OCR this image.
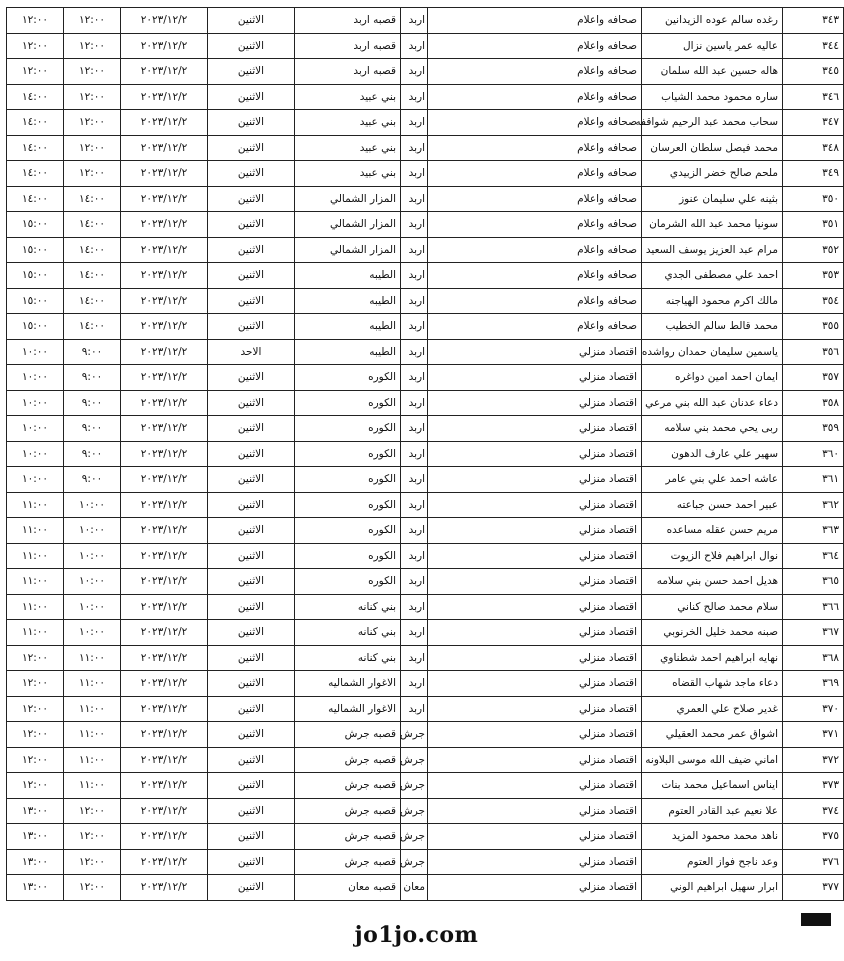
٣٤٣	رغده سالم عوده الزيدانين	صحافه واعلام	اربد	قصبه اربد	الاثنين	٢٠٢٣/١٢/٢	١٢:٠٠	١٢:٠٠
٣٤٤	عاليه عمر ياسين نزال	صحافه واعلام	اربد	قصبه اربد	الاثنين	٢٠٢٣/١٢/٢	١٢:٠٠	١٢:٠٠
٣٤٥	هاله حسين عبد الله سلمان	صحافه واعلام	اربد	قصبه اربد	الاثنين	٢٠٢٣/١٢/٢	١٢:٠٠	١٢:٠٠
٣٤٦	ساره محمود محمد الشياب	صحافه واعلام	اربد	بني عبيد	الاثنين	٢٠٢٣/١٢/٢	١٢:٠٠	١٤:٠٠
٣٤٧	سحاب محمد عبد الرحيم شواقفه	صحافه واعلام	اربد	بني عبيد	الاثنين	٢٠٢٣/١٢/٢	١٢:٠٠	١٤:٠٠
٣٤٨	محمد فيصل سلطان العرسان	صحافه واعلام	اربد	بني عبيد	الاثنين	٢٠٢٣/١٢/٢	١٢:٠٠	١٤:٠٠
٣٤٩	ملحم صالح خضر الزبيدي	صحافه واعلام	اربد	بني عبيد	الاثنين	٢٠٢٣/١٢/٢	١٢:٠٠	١٤:٠٠
٣٥٠	بثينه علي سليمان عنوز	صحافه واعلام	اربد	المزار الشمالي	الاثنين	٢٠٢٣/١٢/٢	١٤:٠٠	١٤:٠٠
٣٥١	سونيا محمد عبد الله الشرمان	صحافه واعلام	اربد	المزار الشمالي	الاثنين	٢٠٢٣/١٢/٢	١٤:٠٠	١٥:٠٠
٣٥٢	مرام عبد العزيز يوسف السعيد	صحافه واعلام	اربد	المزار الشمالي	الاثنين	٢٠٢٣/١٢/٢	١٤:٠٠	١٥:٠٠
٣٥٣	احمد علي مصطفى الجدي	صحافه واعلام	اربد	الطيبه	الاثنين	٢٠٢٣/١٢/٢	١٤:٠٠	١٥:٠٠
٣٥٤	مالك اكرم محمود الهياجنه	صحافه واعلام	اربد	الطيبه	الاثنين	٢٠٢٣/١٢/٢	١٤:٠٠	١٥:٠٠
٣٥٥	محمد قالط سالم الخطيب	صحافه واعلام	اربد	الطيبه	الاثنين	٢٠٢٣/١٢/٢	١٤:٠٠	١٥:٠٠
٣٥٦	ياسمين سليمان حمدان رواشده	اقتصاد منزلي	اربد	الطيبه	الاحد	٢٠٢٣/١٢/٢	٩:٠٠	١٠:٠٠
٣٥٧	ايمان احمد امين دواغره	اقتصاد منزلي	اربد	الكوره	الاثنين	٢٠٢٣/١٢/٢	٩:٠٠	١٠:٠٠
٣٥٨	دعاء عدنان عبد الله بني مرعي	اقتصاد منزلي	اربد	الكوره	الاثنين	٢٠٢٣/١٢/٢	٩:٠٠	١٠:٠٠
٣٥٩	ربى يحي محمد بني سلامه	اقتصاد منزلي	اربد	الكوره	الاثنين	٢٠٢٣/١٢/٢	٩:٠٠	١٠:٠٠
٣٦٠	سهير علي عارف الدهون	اقتصاد منزلي	اربد	الكوره	الاثنين	٢٠٢٣/١٢/٢	٩:٠٠	١٠:٠٠
٣٦١	عاشه احمد علي بني عامر	اقتصاد منزلي	اربد	الكوره	الاثنين	٢٠٢٣/١٢/٢	٩:٠٠	١٠:٠٠
٣٦٢	عبير احمد حسن جباعته	اقتصاد منزلي	اربد	الكوره	الاثنين	٢٠٢٣/١٢/٢	١٠:٠٠	١١:٠٠
٣٦٣	مريم حسن عقله مساعده	اقتصاد منزلي	اربد	الكوره	الاثنين	٢٠٢٣/١٢/٢	١٠:٠٠	١١:٠٠
٣٦٤	نوال ابراهيم فلاح الزيوت	اقتصاد منزلي	اربد	الكوره	الاثنين	٢٠٢٣/١٢/٢	١٠:٠٠	١١:٠٠
٣٦٥	هديل احمد حسن بني سلامه	اقتصاد منزلي	اربد	الكوره	الاثنين	٢٠٢٣/١٢/٢	١٠:٠٠	١١:٠٠
٣٦٦	سلام محمد صالح كناني	اقتصاد منزلي	اربد	بني كنانه	الاثنين	٢٠٢٣/١٢/٢	١٠:٠٠	١١:٠٠
٣٦٧	صبنه محمد خليل الخرنوبي	اقتصاد منزلي	اربد	بني كنانه	الاثنين	٢٠٢٣/١٢/٢	١٠:٠٠	١١:٠٠
٣٦٨	نهايه ابراهيم احمد شطناوي	اقتصاد منزلي	اربد	بني كنانه	الاثنين	٢٠٢٣/١٢/٢	١١:٠٠	١٢:٠٠
٣٦٩	دعاء ماجد شهاب القضاه	اقتصاد منزلي	اربد	الاغوار الشماليه	الاثنين	٢٠٢٣/١٢/٢	١١:٠٠	١٢:٠٠
٣٧٠	غدير صلاح علي العمري	اقتصاد منزلي	اربد	الاغوار الشماليه	الاثنين	٢٠٢٣/١٢/٢	١١:٠٠	١٢:٠٠
٣٧١	اشواق عمر محمد العقيلي	اقتصاد منزلي	جرش	قصبه جرش	الاثنين	٢٠٢٣/١٢/٢	١١:٠٠	١٢:٠٠
٣٧٢	اماني ضيف الله موسى البلاونه	اقتصاد منزلي	جرش	قصبه جرش	الاثنين	٢٠٢٣/١٢/٢	١١:٠٠	١٢:٠٠
٣٧٣	ايناس اسماعيل محمد بنات	اقتصاد منزلي	جرش	قصبه جرش	الاثنين	٢٠٢٣/١٢/٢	١١:٠٠	١٢:٠٠
٣٧٤	علا نعيم عبد القادر العتوم	اقتصاد منزلي	جرش	قصبه جرش	الاثنين	٢٠٢٣/١٢/٢	١٢:٠٠	١٣:٠٠
٣٧٥	ناهد محمد محمود المزيد	اقتصاد منزلي	جرش	قصبه جرش	الاثنين	٢٠٢٣/١٢/٢	١٢:٠٠	١٣:٠٠
٣٧٦	وعد ناجح فواز العتوم	اقتصاد منزلي	جرش	قصبه جرش	الاثنين	٢٠٢٣/١٢/٢	١٢:٠٠	١٣:٠٠
٣٧٧	ابرار سهيل ابراهيم الوني	اقتصاد منزلي	معان	قصبه معان	الاثنين	٢٠٢٣/١٢/٢	١٢:٠٠	١٣:٠٠
jo1jo.com
